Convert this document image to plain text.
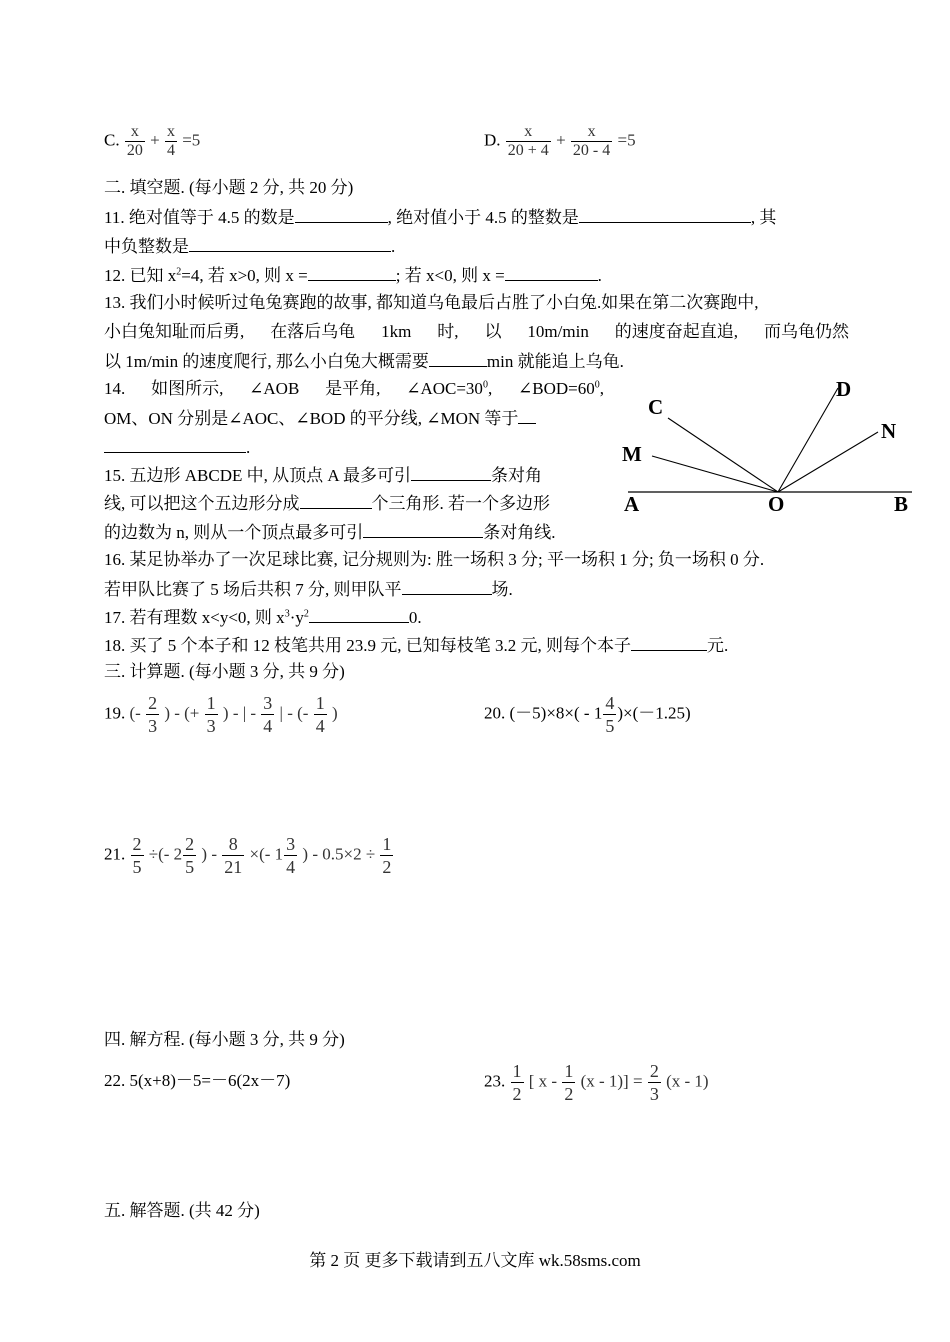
C. $\frac{x}{20} + \frac{x}{4} =5$	D. $\frac{x}{20 + 4} + \frac{x}{20 - 4} =5$
二. 填空题. (每小题 2 分, 共 20 分)
11. 绝对值等于 4.5 的数是	, 绝对值小于 4.5 的整数是	, 其
中负整数是	.
12. 已知 $x^2=4$, 若 x>0, 则 x =	; 若 x<0, 则 x =	.
13. 我们小时候听过龟兔赛跑的故事, 都知道乌龟最后占胜了小白兔.如果在第二次赛跑中,
小白兔知耻而后勇, 在落后乌龟 1km 时, 以 10m/min 的速度奋起直追, 而乌龟仍然
以 1m/min 的速度爬行, 那么小白兔大概需要	min 就能追上乌龟.
14. 如图所示, ∠AOB 是平角, $\angle AOC=30^0$, $\angle BOD=60^0$,
OM、ON 分别是∠AOC、∠BOD 的平分线, ∠MON 等于
.
15. 五边形 ABCDE 中, 从顶点 A 最多可引	条对角
线, 可以把这个五边形分成	个三角形. 若一个多边形
的边数为 n, 则从一个顶点最多可引	条对角线.
A	O	B
C
D
M
N
16. 某足协举办了一次足球比赛, 记分规则为: 胜一场积 3 分; 平一场积 1 分; 负一场积 0 分.
若甲队比赛了 5 场后共积 7 分, 则甲队平	场.
17. 若有理数 x<y<0, 则 $x^3\cdot y^2$	0.
18. 买了 5 个本子和 12 枝笔共用 23.9 元, 已知每枝笔 3.2 元, 则每个本子	元.
三. 计算题. (每小题 3 分, 共 9 分)
19. (- $\frac{2}{3}$ ) - (+ $\frac{1}{3}$ ) - | - $\frac{3}{4}$ | - (- $\frac{1}{4}$ )	20. $(-5)\times 8\times( - 1 \frac{4}{5} )\times(-1.25)$
21. $\frac{2}{5}$ ÷(- $2 \frac{2}{5}$ ) - $\frac{8}{21}$ ×(- $1 \frac{3}{4}$ ) - $0.5\times 2 \div \frac{1}{2}$
四. 解方程. (每小题 3 分, 共 9 分)
22. 5(x+8)－5=－6(2x－7)	23. $\frac{1}{2}$ [ $x - \frac{1}{2} (x - 1)] = \frac{2}{3} (x - 1)$
五. 解答题. (共 42 分)
第 2 页 更多下载请到五八文库 wk.58sms.com
